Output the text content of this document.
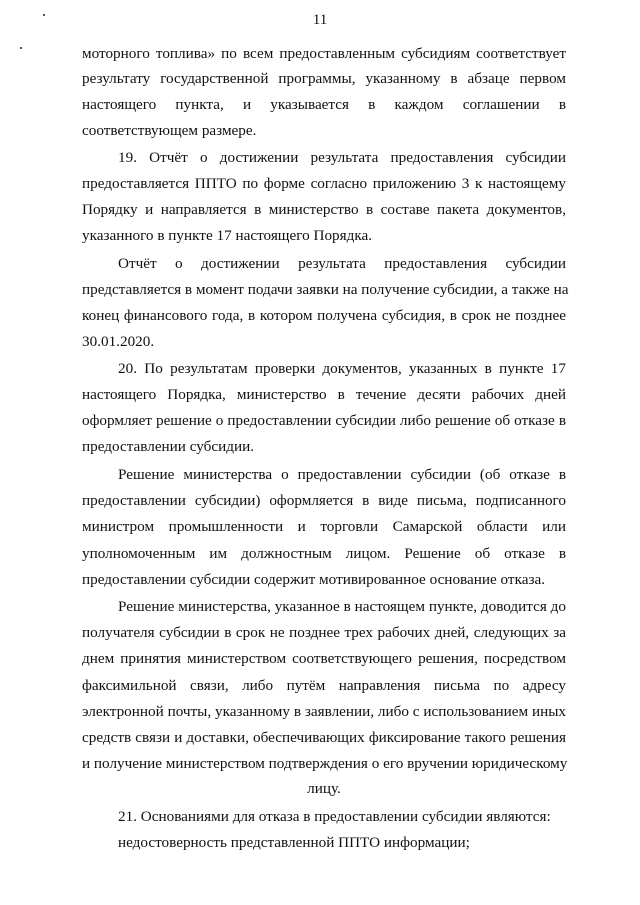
11
моторного топлива» по всем предоставленным субсидиям соответствует
результату государственной программы, указанному в абзаце первом
настоящего пункта, и указывается в каждом соглашении в
соответствующем размере.
19. Отчёт о достижении результата предоставления субсидии
предоставляется ППТО по форме согласно приложению 3 к настоящему
Порядку и направляется в министерство в составе пакета документов,
указанного в пункте 17 настоящего Порядка.
Отчёт о достижении результата предоставления субсидии
представляется в момент подачи заявки на получение субсидии, а также на
конец финансового года, в котором получена субсидия, в срок не позднее
30.01.2020.
20. По результатам проверки документов, указанных в пункте 17
настоящего Порядка, министерство в течение десяти рабочих дней
оформляет решение о предоставлении субсидии либо решение об отказе в
предоставлении субсидии.
Решение министерства о предоставлении субсидии (об отказе в
предоставлении субсидии) оформляется в виде письма, подписанного
министром промышленности и торговли Самарской области или
уполномоченным им должностным лицом. Решение об отказе в
предоставлении субсидии содержит мотивированное основание отказа.
Решение министерства, указанное в настоящем пункте, доводится до
получателя субсидии в срок не позднее трех рабочих дней, следующих за
днем принятия министерством соответствующего решения, посредством
факсимильной связи, либо путём направления письма по адресу
электронной почты, указанному в заявлении, либо с использованием иных
средств связи и доставки, обеспечивающих фиксирование такого решения
и получение министерством подтверждения о его вручении юридическому
лицу.
21. Основаниями для отказа в предоставлении субсидии являются:
недостоверность представленной ППТО информации;
